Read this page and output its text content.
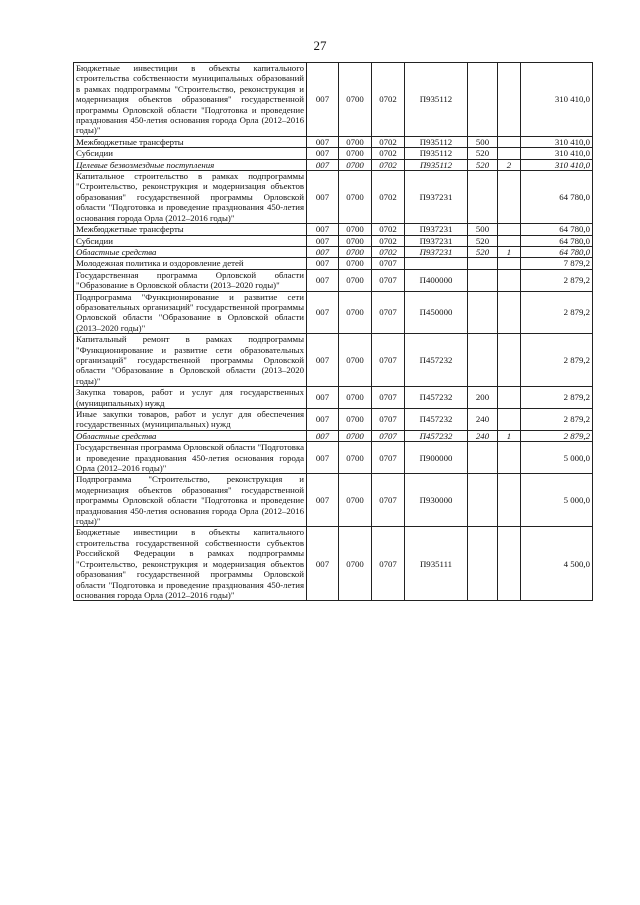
27
Бюджетные инвестиции в объекты капитального строительства собственности муниципальных образований в рамках подпрограммы "Строительство, реконструкция и модернизация объектов образования" государственной программы Орловской области "Подготовка и проведение празднования 450-летия основания города Орла (2012–2016 годы)"	007	0700	0702	П935112			310 410,0
Межбюджетные трансферты	007	0700	0702	П935112	500		310 410,0
Субсидии	007	0700	0702	П935112	520		310 410,0
Целевые безвозмездные поступления	007	0700	0702	П935112	520	2	310 410,0
Капитальное строительство в рамках подпрограммы "Строительство, реконструкция и модернизация объектов образования" государственной программы Орловской области "Подготовка и проведение празднования 450-летия основания города Орла (2012–2016 годы)"	007	0700	0702	П937231			64 780,0
Межбюджетные трансферты	007	0700	0702	П937231	500		64 780,0
Субсидии	007	0700	0702	П937231	520		64 780,0
Областные средства	007	0700	0702	П937231	520	1	64 780,0
Молодежная политика и оздоровление детей	007	0700	0707				7 879,2
Государственная программа Орловской области "Образование в Орловской области (2013–2020 годы)"	007	0700	0707	П400000			2 879,2
Подпрограмма "Функционирование и развитие сети образовательных организаций" государственной программы Орловской области "Образование в Орловской области (2013–2020 годы)"	007	0700	0707	П450000			2 879,2
Капитальный ремонт в рамках подпрограммы "Функционирование и развитие сети образовательных организаций" государственной программы Орловской области "Образование в Орловской области (2013–2020 годы)"	007	0700	0707	П457232			2 879,2
Закупка товаров, работ и услуг для государственных (муниципальных) нужд	007	0700	0707	П457232	200		2 879,2
Иные закупки товаров, работ и услуг для обеспечения государственных (муниципальных) нужд	007	0700	0707	П457232	240		2 879,2
Областные средства	007	0700	0707	П457232	240	1	2 879,2
Государственная программа Орловской области "Подготовка и проведение празднования 450-летия основания города Орла (2012–2016 годы)"	007	0700	0707	П900000			5 000,0
Подпрограмма "Строительство, реконструкция и модернизация объектов образования" государственной программы Орловской области "Подготовка и проведение празднования 450-летия основания города Орла (2012–2016 годы)"	007	0700	0707	П930000			5 000,0
Бюджетные инвестиции в объекты капитального строительства государственной собственности субъектов Российской Федерации в рамках подпрограммы "Строительство, реконструкция и модернизация объектов образования" государственной программы Орловской области "Подготовка и проведение празднования 450-летия основания города Орла (2012–2016 годы)"	007	0700	0707	П935111			4 500,0
